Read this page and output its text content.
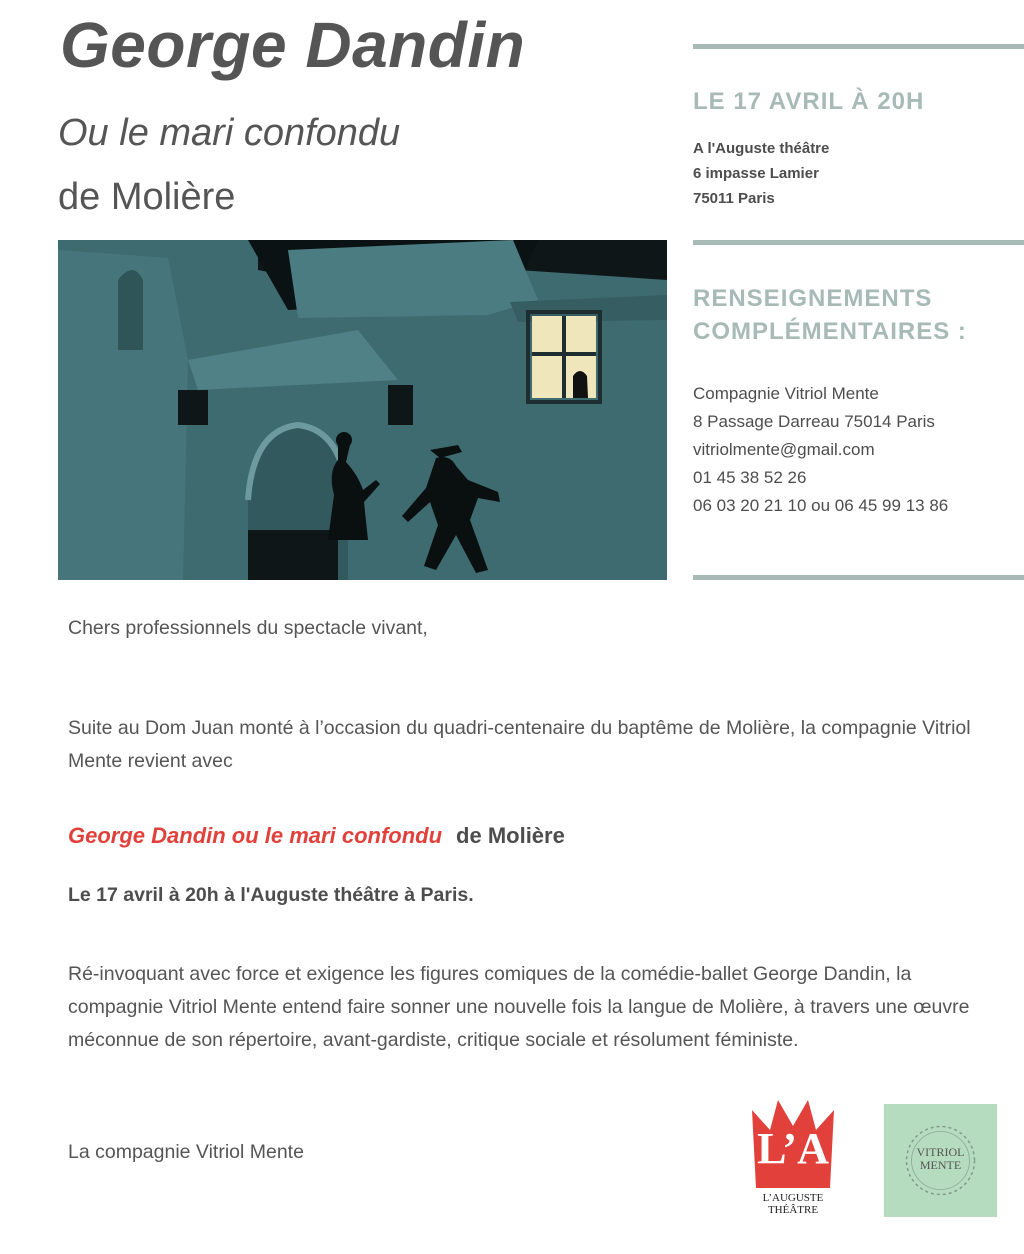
George Dandin
Ou le mari confondu
de Molière
LE 17 AVRIL À 20H
A l'Auguste théâtre
6 impasse Lamier
75011 Paris
RENSEIGNEMENTS
COMPLÉMENTAIRES :
Compagnie Vitriol Mente
8 Passage Darreau 75014 Paris
vitriolmente@gmail.com
01 45 38 52 26
06 03 20 21 10 ou 06 45 99 13 86
Chers professionnels du spectacle vivant,
Suite au Dom Juan monté à l’occasion du quadri-centenaire du baptême de Molière, la compagnie Vitriol Mente revient avec
George Dandin ou le mari confondu de Molière
Le 17 avril à 20h à l'Auguste théâtre à Paris.
Ré-invoquant avec force et exigence les figures comiques de la comédie-ballet George Dandin, la compagnie Vitriol Mente entend faire sonner une nouvelle fois la langue de Molière, à travers une œuvre méconnue de son répertoire, avant-gardiste, critique sociale et résolument féministe.
La compagnie Vitriol Mente	L’A
L’AUGUSTE
THÉÂTRE
VITRIOL
MENTE
